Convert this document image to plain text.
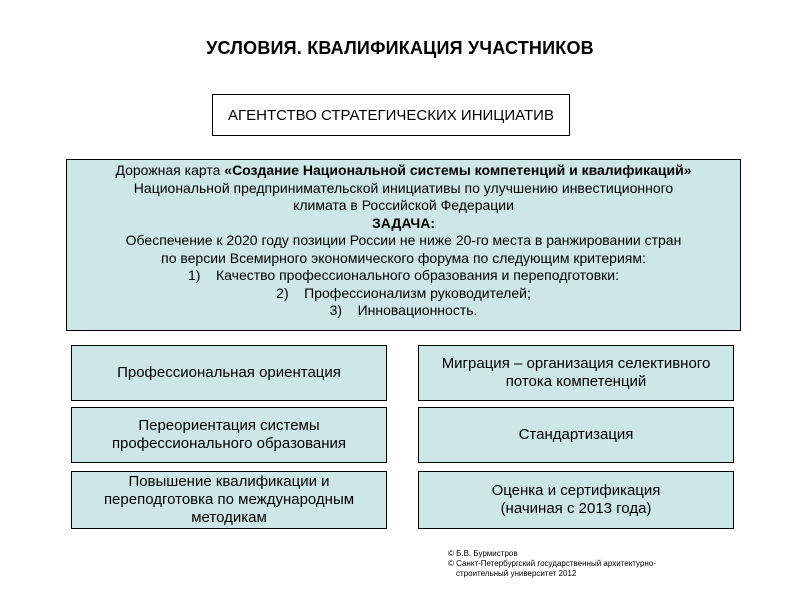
УСЛОВИЯ. КВАЛИФИКАЦИЯ УЧАСТНИКОВ
АГЕНТСТВО СТРАТЕГИЧЕСКИХ ИНИЦИАТИВ
Дорожная карта «Создание Национальной системы компетенций и квалификаций»
Национальной предпринимательской инициативы по улучшению инвестиционного
климата в Российской Федерации
ЗАДАЧА:
Обеспечение к 2020 году позиции России не ниже 20-го места в ранжировании стран
по версии Всемирного экономического форума по следующим критериям:
1)    Качество профессионального образования и переподготовки:
2)    Профессионализм руководителей;
3)    Инновационность.
Профессиональная ориентация
Переориентация системы профессионального образования
Повышение квалификации и переподготовка по международным методикам
Миграция – организация селективного потока компетенций
Стандартизация
Оценка и сертификация
(начиная с 2013 года)
© Б.В. Бурмистров
© Санкт-Петербургский государственный архитектурно-
строительный университет 2012
